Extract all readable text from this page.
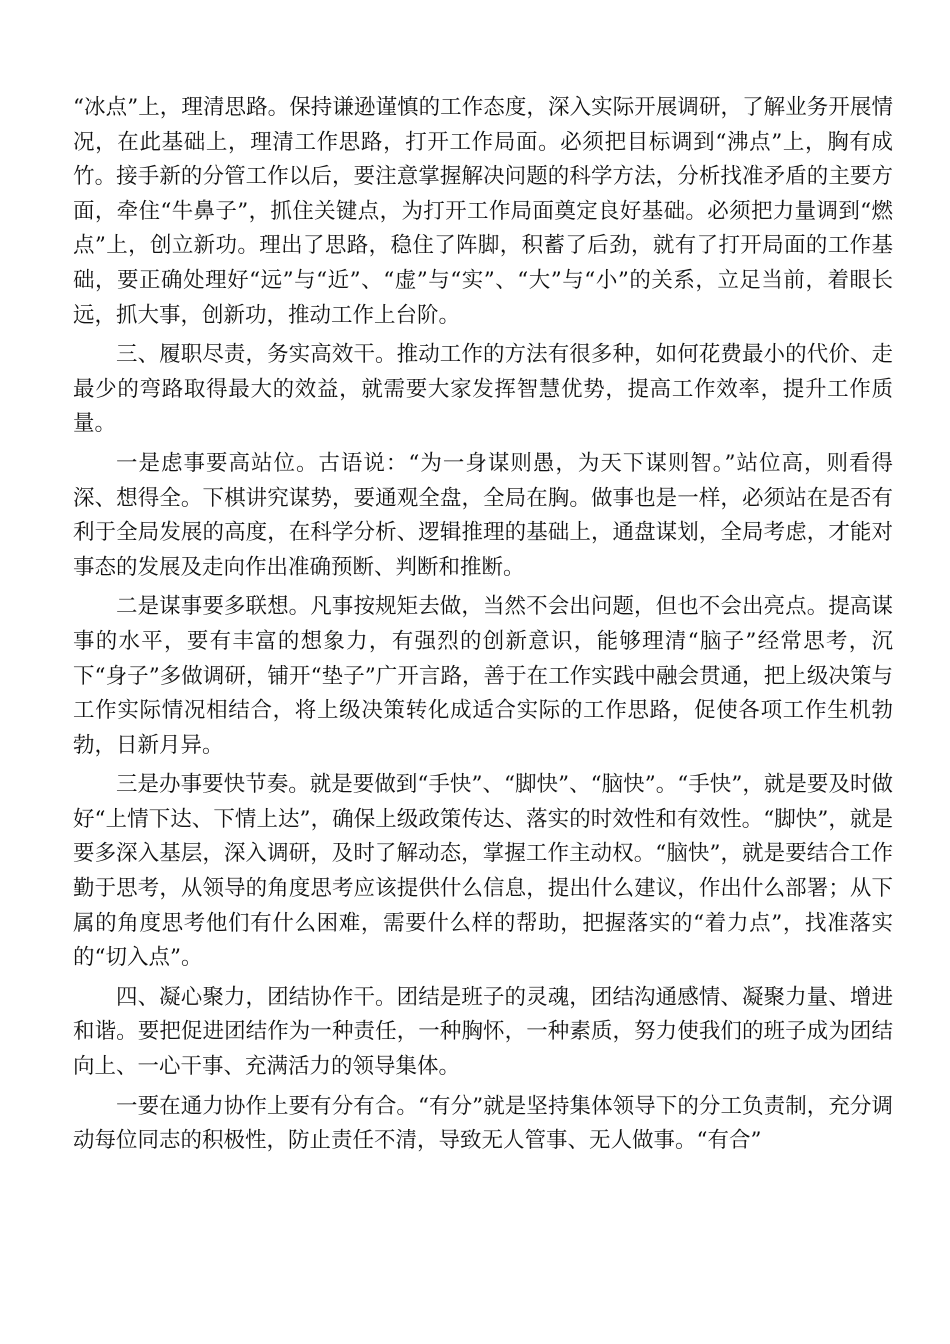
“冰点”上，理清思路。保持谦逊谨慎的工作态度，深入实际开展调研，了解业务开展情况，在此基础上，理清工作思路，打开工作局面。必须把目标调到“沸点”上，胸有成竹。接手新的分管工作以后，要注意掌握解决问题的科学方法，分析找准矛盾的主要方面，牵住“牛鼻子”，抓住关键点，为打开工作局面奠定良好基础。必须把力量调到“燃点”上，创立新功。理出了思路，稳住了阵脚，积蓄了后劲，就有了打开局面的工作基础，要正确处理好“远”与“近”、“虚”与“实”、“大”与“小”的关系，立足当前，着眼长远，抓大事，创新功，推动工作上台阶。

三、履职尽责，务实高效干。推动工作的方法有很多种，如何花费最小的代价、走最少的弯路取得最大的效益，就需要大家发挥智慧优势，提高工作效率，提升工作质量。

一是虑事要高站位。古语说：“为一身谋则愚，为天下谋则智。”站位高，则看得深、想得全。下棋讲究谋势，要通观全盘，全局在胸。做事也是一样，必须站在是否有利于全局发展的高度，在科学分析、逻辑推理的基础上，通盘谋划，全局考虑，才能对事态的发展及走向作出准确预断、判断和推断。

二是谋事要多联想。凡事按规矩去做，当然不会出问题，但也不会出亮点。提高谋事的水平，要有丰富的想象力，有强烈的创新意识，能够理清“脑子”经常思考，沉下“身子”多做调研，铺开“垫子”广开言路，善于在工作实践中融会贯通，把上级决策与工作实际情况相结合，将上级决策转化成适合实际的工作思路，促使各项工作生机勃勃，日新月异。

三是办事要快节奏。就是要做到“手快”、“脚快”、“脑快”。“手快”，就是要及时做好“上情下达、下情上达”，确保上级政策传达、落实的时效性和有效性。“脚快”，就是要多深入基层，深入调研，及时了解动态，掌握工作主动权。“脑快”，就是要结合工作勤于思考，从领导的角度思考应该提供什么信息，提出什么建议，作出什么部署；从下属的角度思考他们有什么困难，需要什么样的帮助，把握落实的“着力点”，找准落实的“切入点”。

四、凝心聚力，团结协作干。团结是班子的灵魂，团结沟通感情、凝聚力量、增进和谐。要把促进团结作为一种责任，一种胸怀，一种素质，努力使我们的班子成为团结向上、一心干事、充满活力的领导集体。

一要在通力协作上要有分有合。“有分”就是坚持集体领导下的分工负责制，充分调动每位同志的积极性，防止责任不清，导致无人管事、无人做事。“有合”
